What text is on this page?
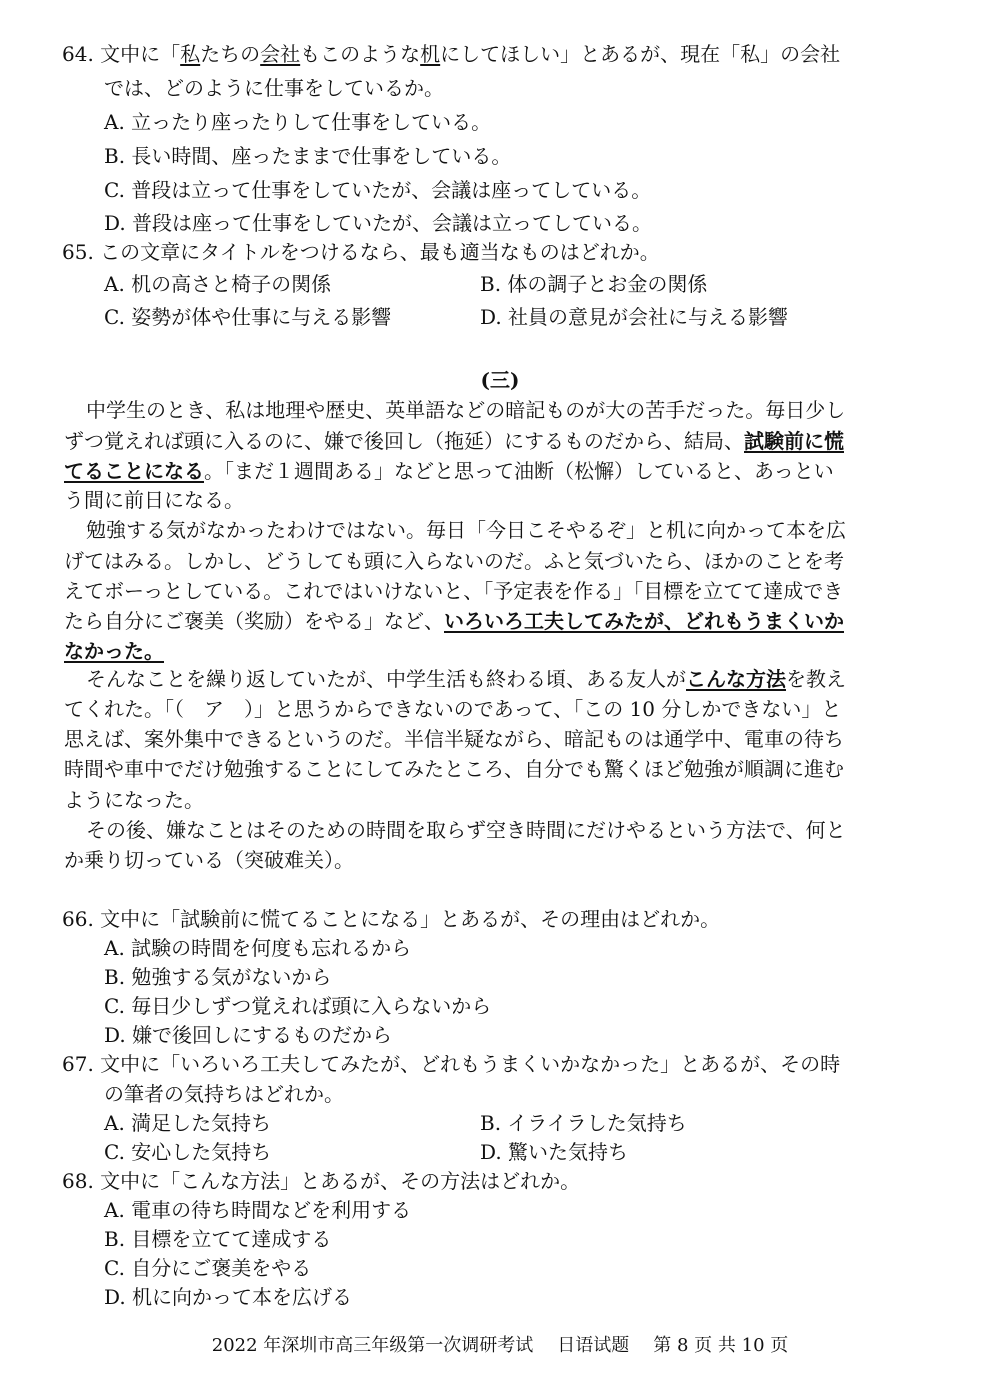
64. 文中に「私たちの会社もこのような机にしてほしい」とあるが、現在「私」の会社
では、どのように仕事をしているか。
A. 立ったり座ったりして仕事をしている。
B. 長い時間、座ったままで仕事をしている。
C. 普段は立って仕事をしていたが、会議は座ってしている。
D. 普段は座って仕事をしていたが、会議は立ってしている。
65. この文章にタイトルをつけるなら、最も適当なものはどれか。
A. 机の高さと椅子の関係	B. 体の調子とお金の関係
C. 姿勢が体や仕事に与える影響	D. 社員の意見が会社に与える影響
(三)
中学生のとき、私は地理や歴史、英単語などの暗記ものが大の苦手だった。毎日少し
ずつ覚えれば頭に入るのに、嫌で後回し（拖延）にするものだから、結局、試験前に慌
てることになる。「まだ１週間ある」などと思って油断（松懈）していると、あっとい
う間に前日になる。
勉強する気がなかったわけではない。毎日「今日こそやるぞ」と机に向かって本を広
げてはみる。しかし、どうしても頭に入らないのだ。ふと気づいたら、ほかのことを考
えてボーっとしている。これではいけないと、「予定表を作る」「目標を立てて達成でき
たら自分にご褒美（奖励）をやる」など、いろいろ工夫してみたが、どれもうまくいか
なかった。
そんなことを繰り返していたが、中学生活も終わる頃、ある友人がこんな方法を教え
てくれた。「（　ア　）」と思うからできないのであって、「この 10 分しかできない」と
思えば、案外集中できるというのだ。半信半疑ながら、暗記ものは通学中、電車の待ち
時間や車中でだけ勉強することにしてみたところ、自分でも驚くほど勉強が順調に進む
ようになった。
その後、嫌なことはそのための時間を取らず空き時間にだけやるという方法で、何と
か乗り切っている（突破难关）。
66. 文中に「試験前に慌てることになる」とあるが、その理由はどれか。
A. 試験の時間を何度も忘れるから
B. 勉強する気がないから
C. 毎日少しずつ覚えれば頭に入らないから
D. 嫌で後回しにするものだから
67. 文中に「いろいろ工夫してみたが、どれもうまくいかなかった」とあるが、その時
の筆者の気持ちはどれか。
A. 満足した気持ち	B. イライラした気持ち
C. 安心した気持ち	D. 驚いた気持ち
68. 文中に「こんな方法」とあるが、その方法はどれか。
A. 電車の待ち時間などを利用する
B. 目標を立てて達成する
C. 自分にご褒美をやる
D. 机に向かって本を広げる
2022 年深圳市高三年级第一次调研考试 日语试题 第 8 页 共 10 页
